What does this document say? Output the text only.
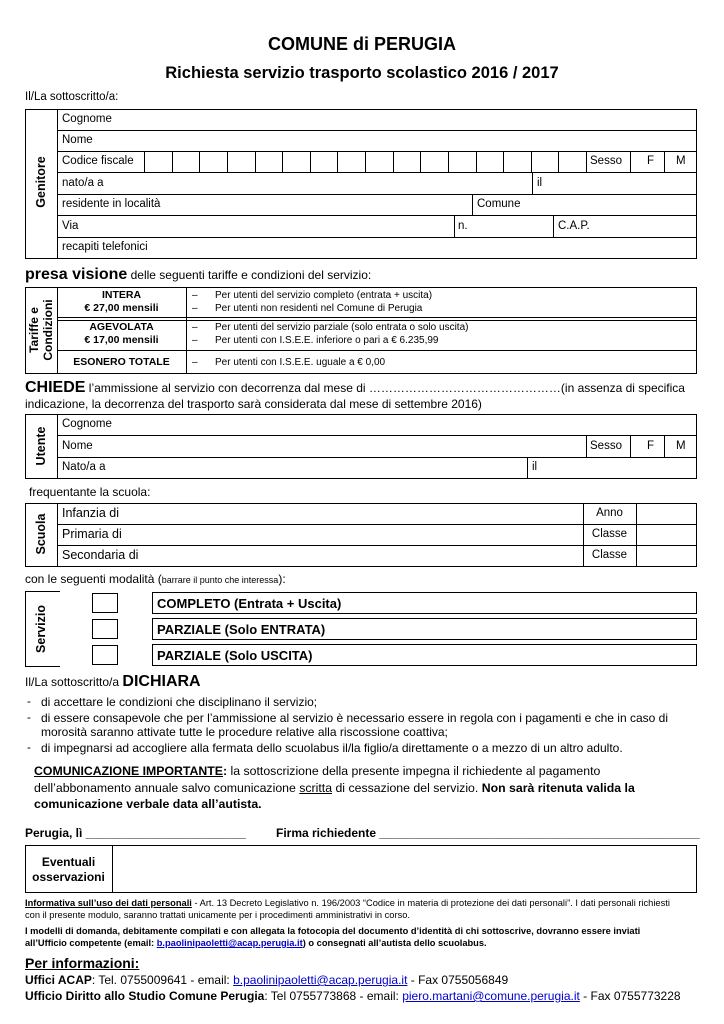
COMUNE di PERUGIA
Richiesta servizio trasporto scolastico 2016 / 2017
Il/La sottoscritto/a:
Genitore
Cognome
Nome
Codice fiscale	Sesso F M
nato/a a	il
residente in località	Comune
Via	n.	C.A.P.
recapiti telefonici
presa visione delle seguenti tariffe e condizioni del servizio:
Tariffe e Condizioni
INTERA
€ 27,00 mensili
– Per utenti del servizio completo (entrata + uscita)
– Per utenti non residenti nel Comune di Perugia
AGEVOLATA
€ 17,00 mensili
– Per utenti del servizio parziale (solo entrata o solo uscita)
– Per utenti con I.S.E.E. inferiore o pari a € 6.235,99
ESONERO TOTALE	– Per utenti con I.S.E.E. uguale a € 0,00
CHIEDE l’ammissione al servizio con decorrenza dal mese di …………………………………………(in assenza di specifica
indicazione, la decorrenza del trasporto sarà considerata dal mese di settembre 2016)
Utente
Cognome
Nome	Sesso F M
Nato/a a	il
frequentante la scuola:
Scuola
Infanzia di	Anno
Primaria di	Classe
Secondaria di	Classe
con le seguenti modalità (barrare il punto che interessa):
Servizio
COMPLETO (Entrata + Uscita)
PARZIALE (Solo ENTRATA)
PARZIALE (Solo USCITA)
Il/La sottoscritto/a DICHIARA
- di accettare le condizioni che disciplinano il servizio;
- di essere consapevole che per l’ammissione al servizio è necessario essere in regola con i pagamenti e che in caso di
morosità saranno attivate tutte le procedure relative alla riscossione coattiva;
- di impegnarsi ad accogliere alla fermata dello scuolabus il/la figlio/a direttamente o a mezzo di un altro adulto.
COMUNICAZIONE IMPORTANTE: la sottoscrizione della presente impegna il richiedente al pagamento
dell’abbonamento annuale salvo comunicazione scritta di cessazione del servizio. Non sarà ritenuta valida la
comunicazione verbale data all’autista.
Perugia, lì ________________________	Firma richiedente ________________________________________________
Eventuali
osservazioni
Informativa sull’uso dei dati personali - Art. 13 Decreto Legislativo n. 196/2003 “Codice in materia di protezione dei dati personali”. I dati personali richiesti
con il presente modulo, saranno trattati unicamente per i procedimenti amministrativi in corso.
I modelli di domanda, debitamente compilati e con allegata la fotocopia del documento d’identità di chi sottoscrive, dovranno essere inviati
all’Ufficio competente (email: b.paolinipaoletti@acap.perugia.it) o consegnati all’autista dello scuolabus.
Per informazioni:
Uffici ACAP: Tel. 0755009641 - email: b.paolinipaoletti@acap.perugia.it - Fax 0755056849
Ufficio Diritto allo Studio Comune Perugia: Tel 0755773868 - email: piero.martani@comune.perugia.it - Fax 0755773228
